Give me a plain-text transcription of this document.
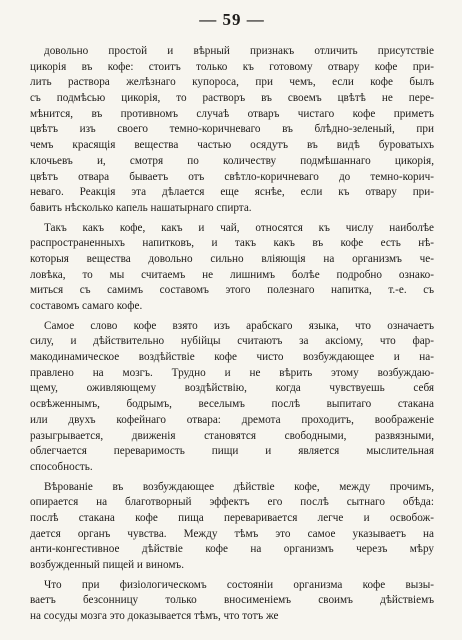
— 59 —
довольно простой и вѣрный признакъ отличить присутствіе
цикорія въ кофе: стоитъ только къ готовому отвару кофе при-
лить раствора желѣзнаго купороса, при чемъ, если кофе былъ
съ подмѣсью цикорія, то растворъ въ своемъ цвѣтѣ не пере-
мѣнится, въ противномъ случаѣ отваръ чистаго кофе приметъ
цвѣтъ изъ своего темно-коричневаго въ блѣдно-зеленый, при
чемъ красящія вещества частью осядутъ въ видѣ буроватыхъ
клочьевъ и, смотря по количеству подмѣшаннаго цикорія,
цвѣтъ отвара бываетъ отъ свѣтло-коричневаго до темно-корич-
неваго. Реакція эта дѣлается еще яснѣе, если къ отвару при-
бавить нѣсколько капель нашатырнаго спирта.
Такъ какъ кофе, какъ и чай, относятся къ числу наиболѣе
распространенныхъ напитковъ, и такъ какъ въ кофе есть нѣ-
которыя вещества довольно сильно вліяющія на организмъ че-
ловѣка, то мы считаемъ не лишнимъ болѣе подробно ознако-
миться съ самимъ составомъ этого полезнаго напитка, т.-е. съ
составомъ самаго кофе.
Самое слово кофе взято изъ арабскаго языка, что означаетъ
силу, и дѣйствительно нубійцы считаютъ за аксіому, что фар-
макодинамическое воздѣйствіе кофе чисто возбуждающее и на-
правлено на мозгъ. Трудно и не вѣрить этому возбуждаю-
щему, оживляющему воздѣйствію, когда чувствуешь себя
освѣженнымъ, бодрымъ, веселымъ послѣ выпитаго стакана
или двухъ кофейнаго отвара: дремота проходитъ, воображеніе
разыгрывается, движенія становятся свободными, развязными,
облегчается переваримость пищи и является мыслительная
способность.
Вѣрованіе въ возбуждающее дѣйствіе кофе, между прочимъ,
опирается на благотворный эффектъ его послѣ сытнаго обѣда:
послѣ стакана кофе пища переваривается легче и освобож-
дается органъ чувства. Между тѣмъ это самое указываетъ на
анти-конгестивное дѣйствіе кофе на организмъ черезъ мѣру
возбужденный пищей и виномъ.
Что при физіологическомъ состояніи организма кофе вызы-
ваетъ безсонницу только вносименіемъ своимъ дѣйствіемъ
на сосуды мозга это доказывается тѣмъ, что тотъ же
